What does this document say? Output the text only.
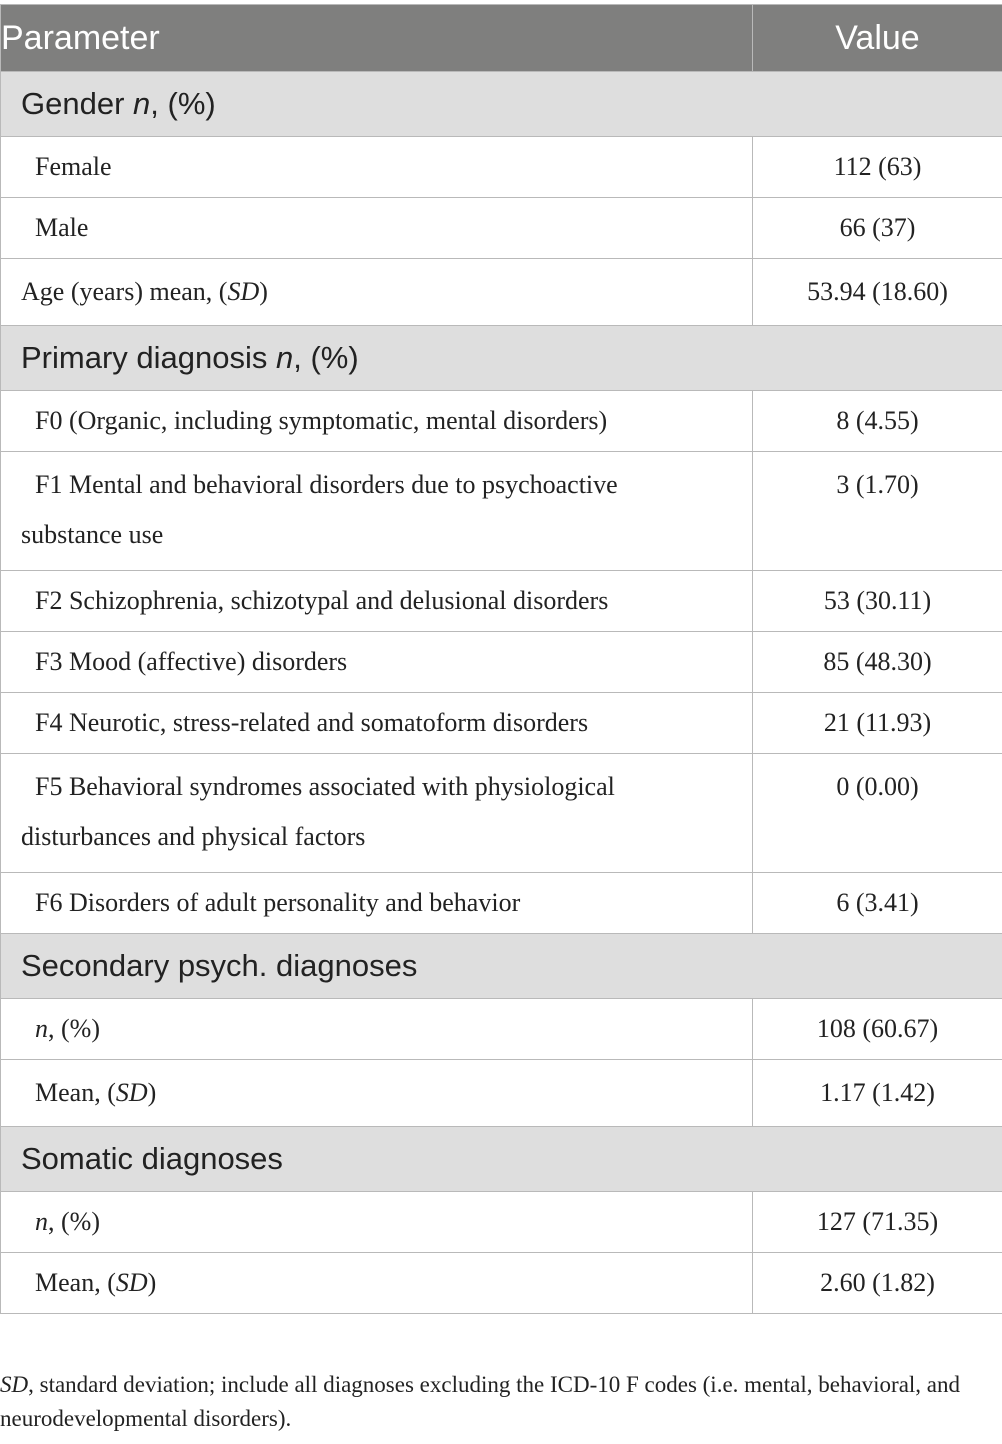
Parameter	Value
Gender n, (%)	
Female	112 (63)
Male	66 (37)
Age (years) mean, (SD)	53.94 (18.60)
Primary diagnosis n, (%)	
F0 (Organic, including symptomatic, mental disorders)	8 (4.55)
F1 Mental and behavioral disorders due to psychoactive
substance use	3 (1.70)
F2 Schizophrenia, schizotypal and delusional disorders	53 (30.11)
F3 Mood (affective) disorders	85 (48.30)
F4 Neurotic, stress-related and somatoform disorders	21 (11.93)
F5 Behavioral syndromes associated with physiological
disturbances and physical factors	0 (0.00)
F6 Disorders of adult personality and behavior	6 (3.41)
Secondary psych. diagnoses	
n, (%)	108 (60.67)
Mean, (SD)	1.17 (1.42)
Somatic diagnoses	
n, (%)	127 (71.35)
Mean, (SD)	2.60 (1.82)
SD, standard deviation; include all diagnoses excluding the ICD-10 F codes (i.e. mental, behavioral, and neurodevelopmental disorders).
